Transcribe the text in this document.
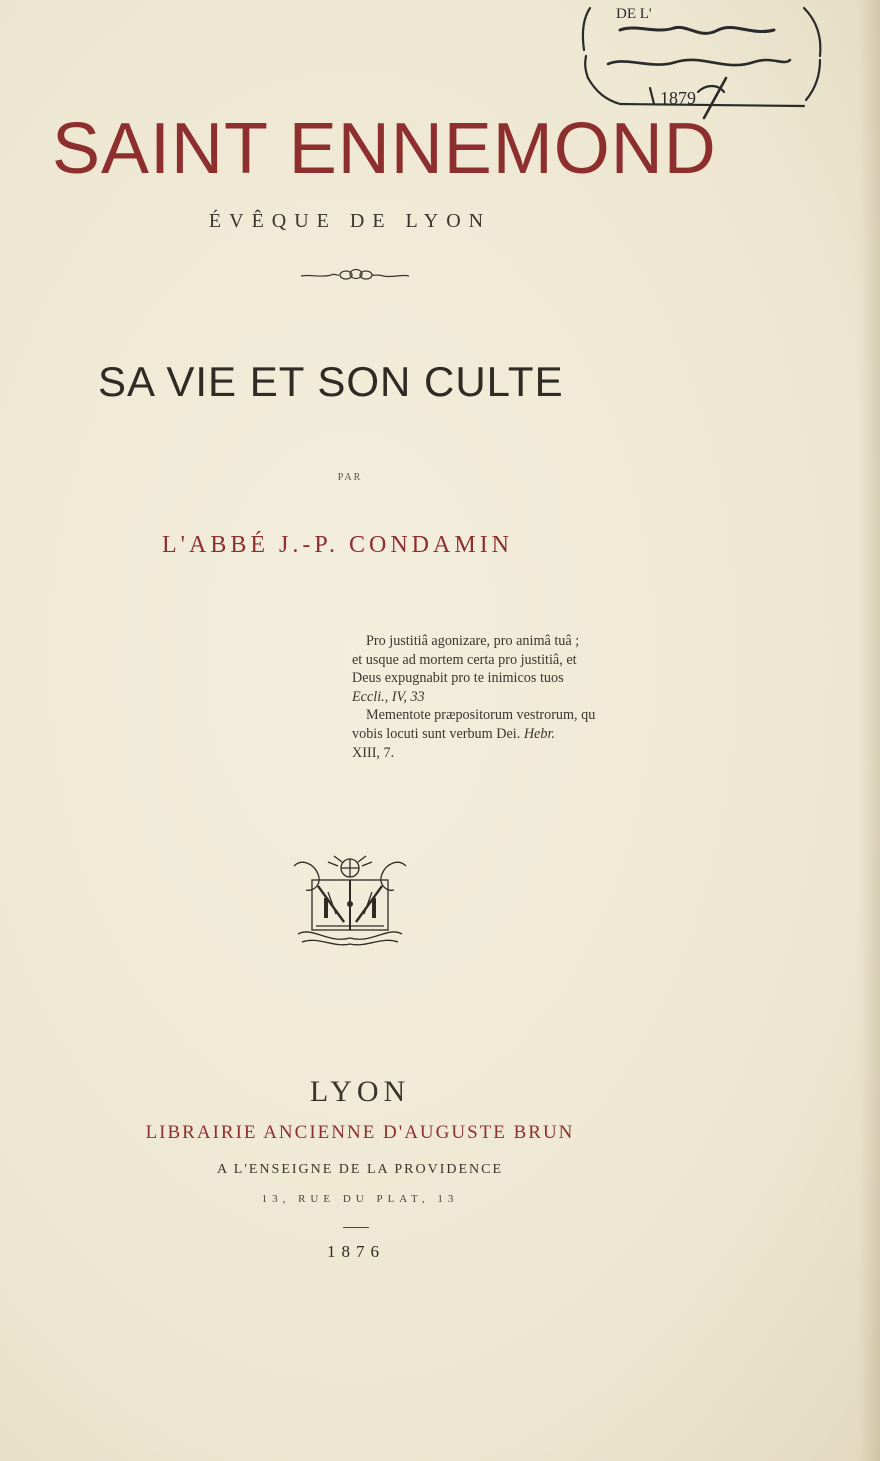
DE L'
1879
SAINT ENNEMOND
ÉVÊQUE DE LYON
SA VIE ET SON CULTE
PAR
L'ABBÉ J.-P. CONDAMIN
Pro justitiâ agonizare, pro animâ tuâ ;
et usque ad mortem certa pro justitiâ, et
Deus expugnabit pro te inimicos tuos
Eccli., IV, 33
Mementote præpositorum vestrorum, qu
vobis locuti sunt verbum Dei. Hebr.
XIII, 7.
LYON
LIBRAIRIE ANCIENNE D'AUGUSTE BRUN
A L'ENSEIGNE DE LA PROVIDENCE
13, RUE DU PLAT, 13
1876
